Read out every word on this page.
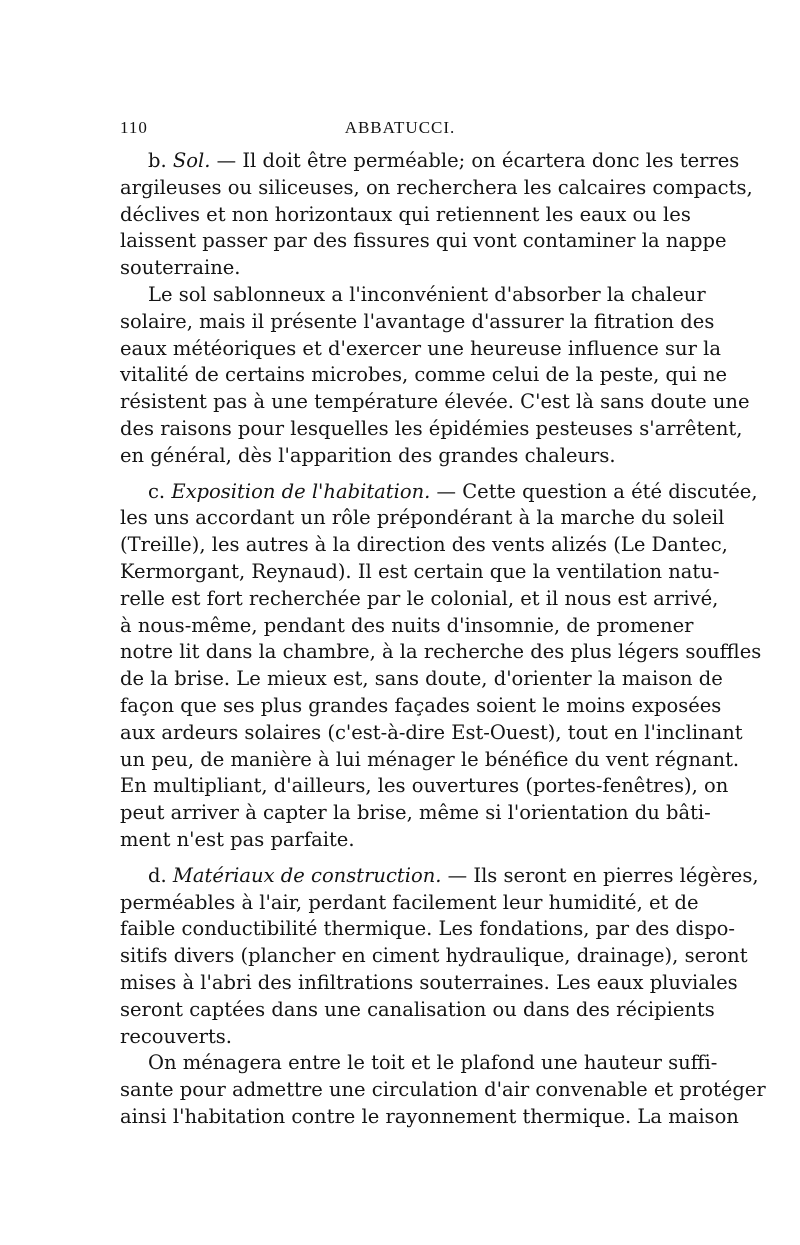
110	ABBATUCCI.
b. Sol. — Il doit être perméable; on écartera donc les terres
argileuses ou siliceuses, on recherchera les calcaires compacts,
déclives et non horizontaux qui retiennent les eaux ou les
laissent passer par des fissures qui vont contaminer la nappe
souterraine.
Le sol sablonneux a l'inconvénient d'absorber la chaleur
solaire, mais il présente l'avantage d'assurer la fitration des
eaux météoriques et d'exercer une heureuse influence sur la
vitalité de certains microbes, comme celui de la peste, qui ne
résistent pas à une température élevée. C'est là sans doute une
des raisons pour lesquelles les épidémies pesteuses s'arrêtent,
en général, dès l'apparition des grandes chaleurs.
c. Exposition de l'habitation. — Cette question a été discutée,
les uns accordant un rôle prépondérant à la marche du soleil
(Treille), les autres à la direction des vents alizés (Le Dantec,
Kermorgant, Reynaud). Il est certain que la ventilation natu-
relle est fort recherchée par le colonial, et il nous est arrivé,
à nous-même, pendant des nuits d'insomnie, de promener
notre lit dans la chambre, à la recherche des plus légers souffles
de la brise. Le mieux est, sans doute, d'orienter la maison de
façon que ses plus grandes façades soient le moins exposées
aux ardeurs solaires (c'est-à-dire Est-Ouest), tout en l'inclinant
un peu, de manière à lui ménager le bénéfice du vent régnant.
En multipliant, d'ailleurs, les ouvertures (portes-fenêtres), on
peut arriver à capter la brise, même si l'orientation du bâti-
ment n'est pas parfaite.
d. Matériaux de construction. — Ils seront en pierres légères,
perméables à l'air, perdant facilement leur humidité, et de
faible conductibilité thermique. Les fondations, par des dispo-
sitifs divers (plancher en ciment hydraulique, drainage), seront
mises à l'abri des infiltrations souterraines. Les eaux pluviales
seront captées dans une canalisation ou dans des récipients
recouverts.
On ménagera entre le toit et le plafond une hauteur suffi-
sante pour admettre une circulation d'air convenable et protéger
ainsi l'habitation contre le rayonnement thermique. La maison
